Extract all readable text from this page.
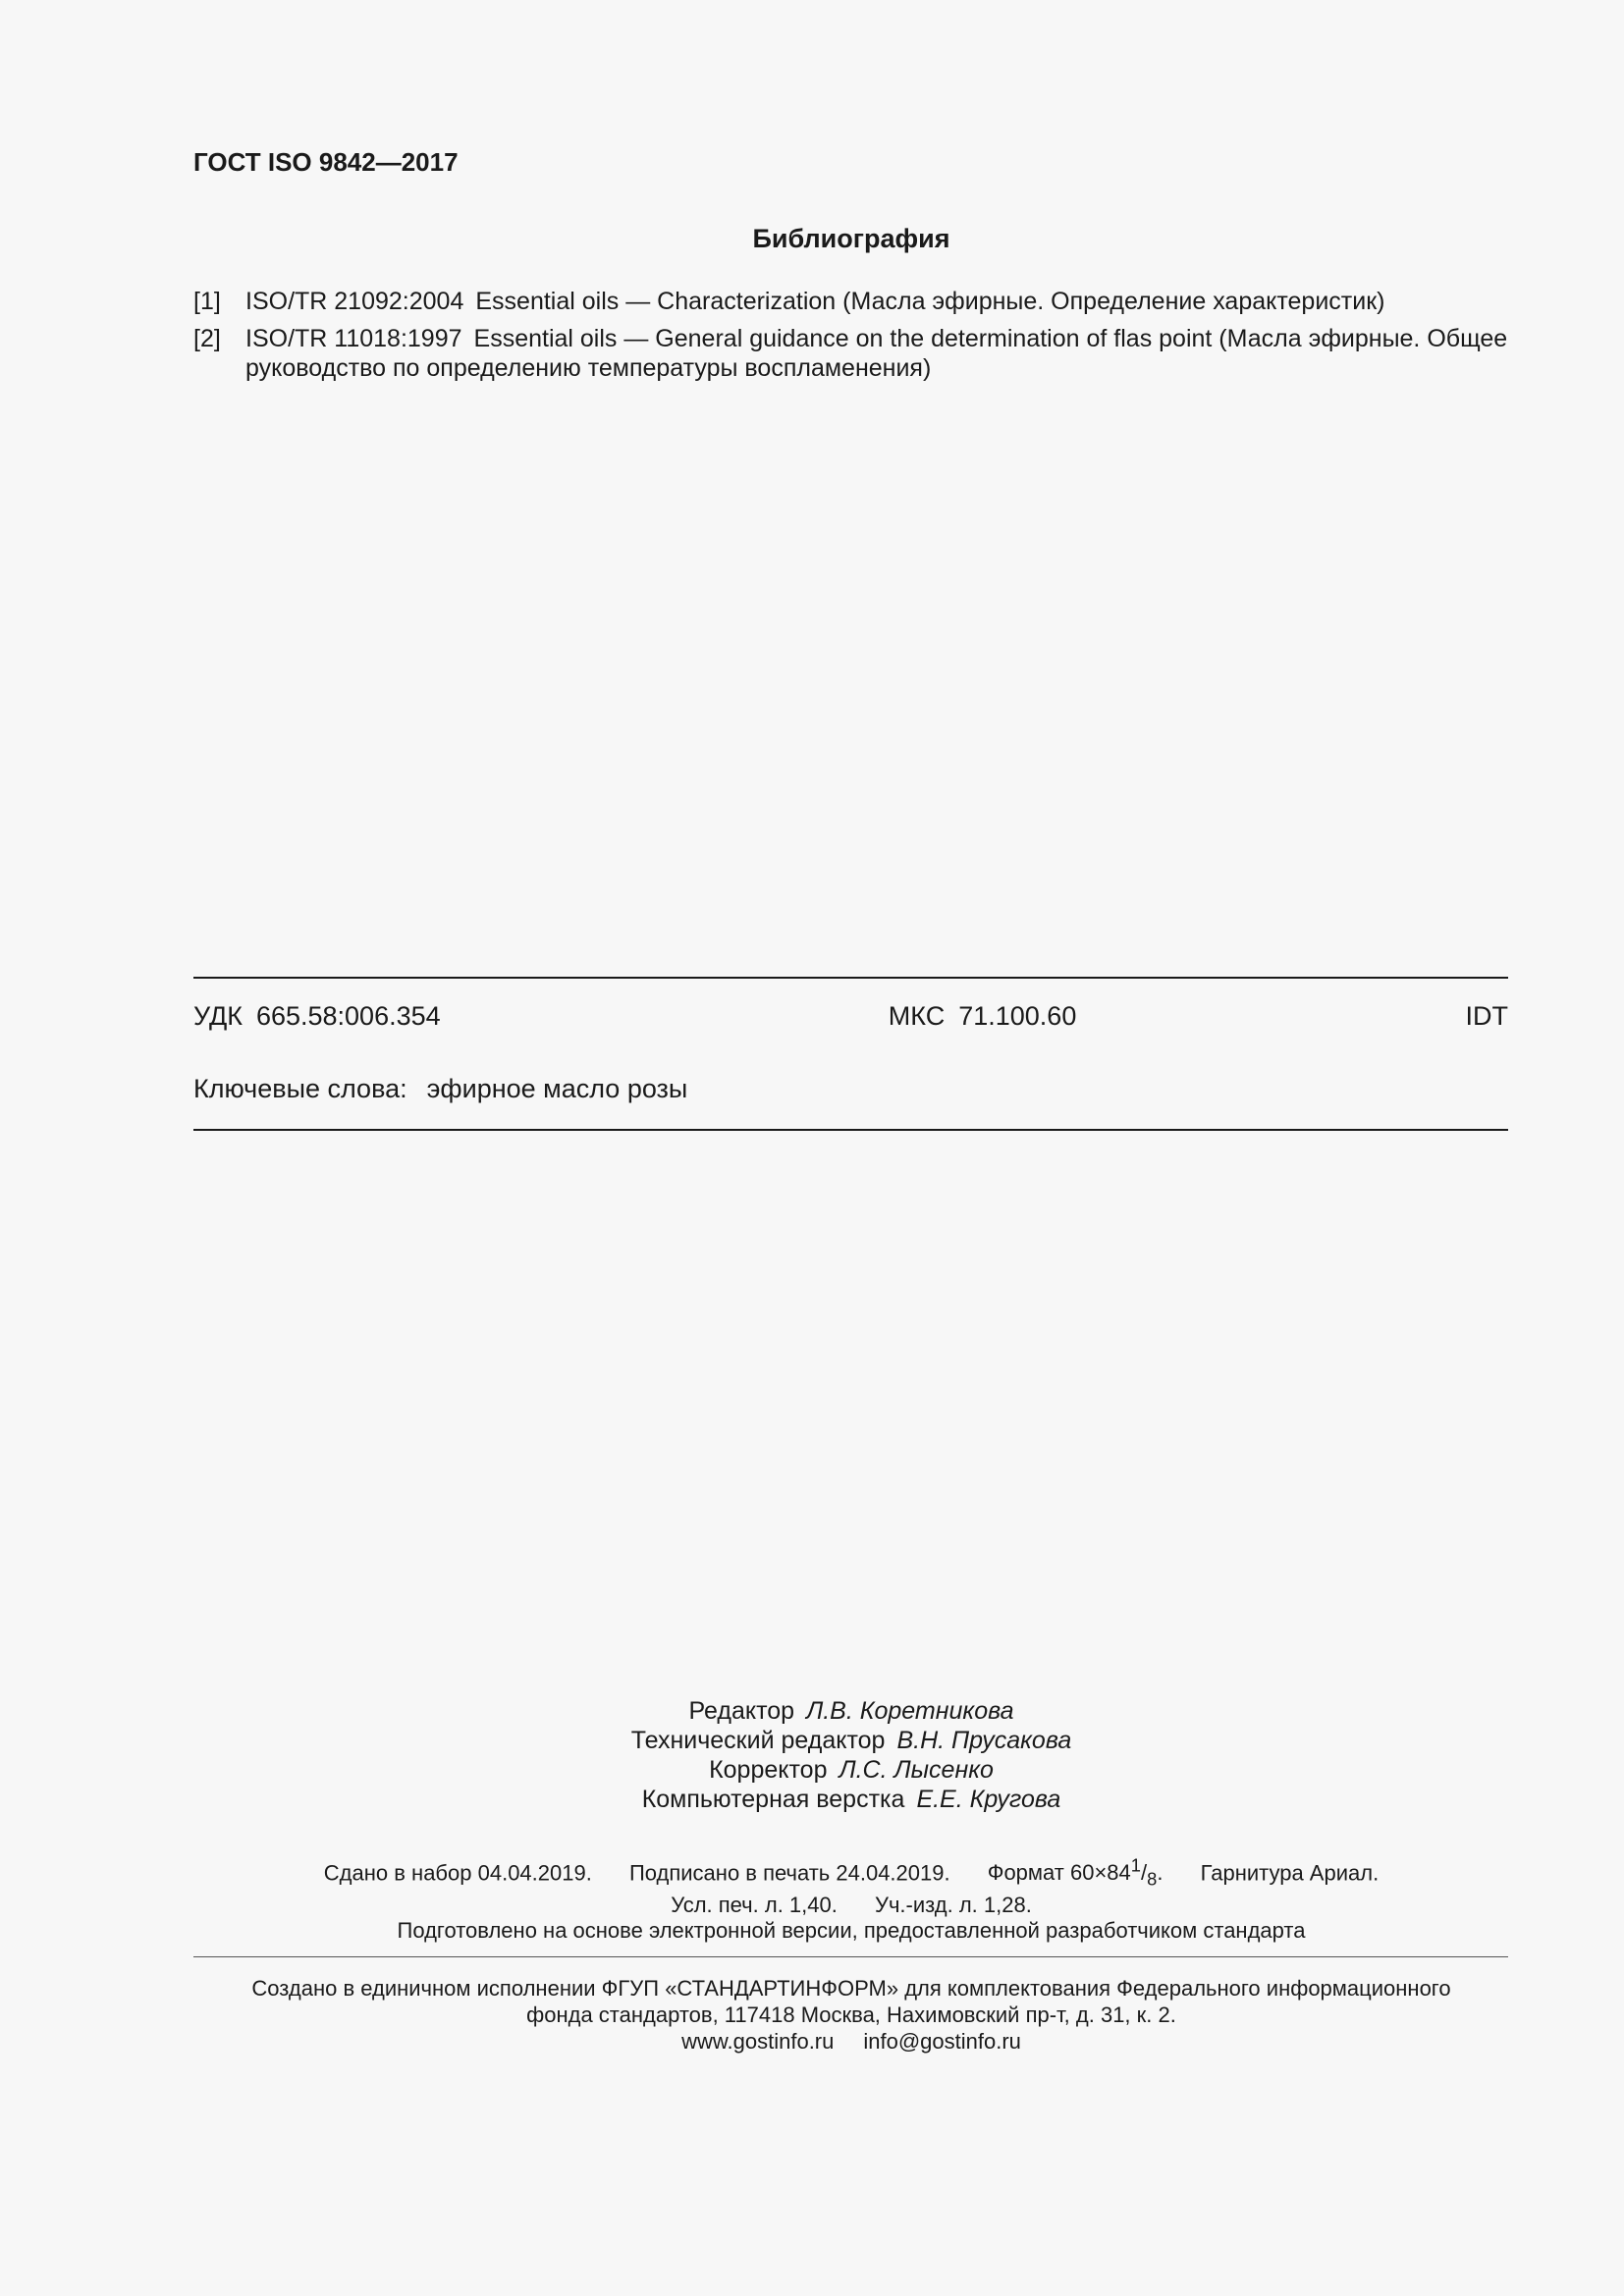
ГОСТ ISO 9842—2017
Библиография
[1]	ISO/TR 21092:2004 Essential oils — Characterization (Масла эфирные. Определение характеристик)
[2]	ISO/TR 11018:1997 Essential oils — General guidance on the determination of flas point (Масла эфирные. Общее руководство по определению температуры воспламенения)
УДК 665.58:006.354	МКС 71.100.60	IDT
Ключевые слова: эфирное масло розы
Редактор Л.В. Коретникова
Технический редактор В.Н. Прусакова
Корректор Л.С. Лысенко
Компьютерная верстка Е.Е. Кругова
Сдано в набор 04.04.2019. Подписано в печать 24.04.2019. Формат $60\times 84^1/_8$. Гарнитура Ариал.
Усл. печ. л. 1,40. Уч.-изд. л. 1,28.
Подготовлено на основе электронной версии, предоставленной разработчиком стандарта
Создано в единичном исполнении ФГУП «СТАНДАРТИНФОРМ» для комплектования Федерального информационного
фонда стандартов, 117418 Москва, Нахимовский пр-т, д. 31, к. 2.
www.gostinfo.ru info@gostinfo.ru
